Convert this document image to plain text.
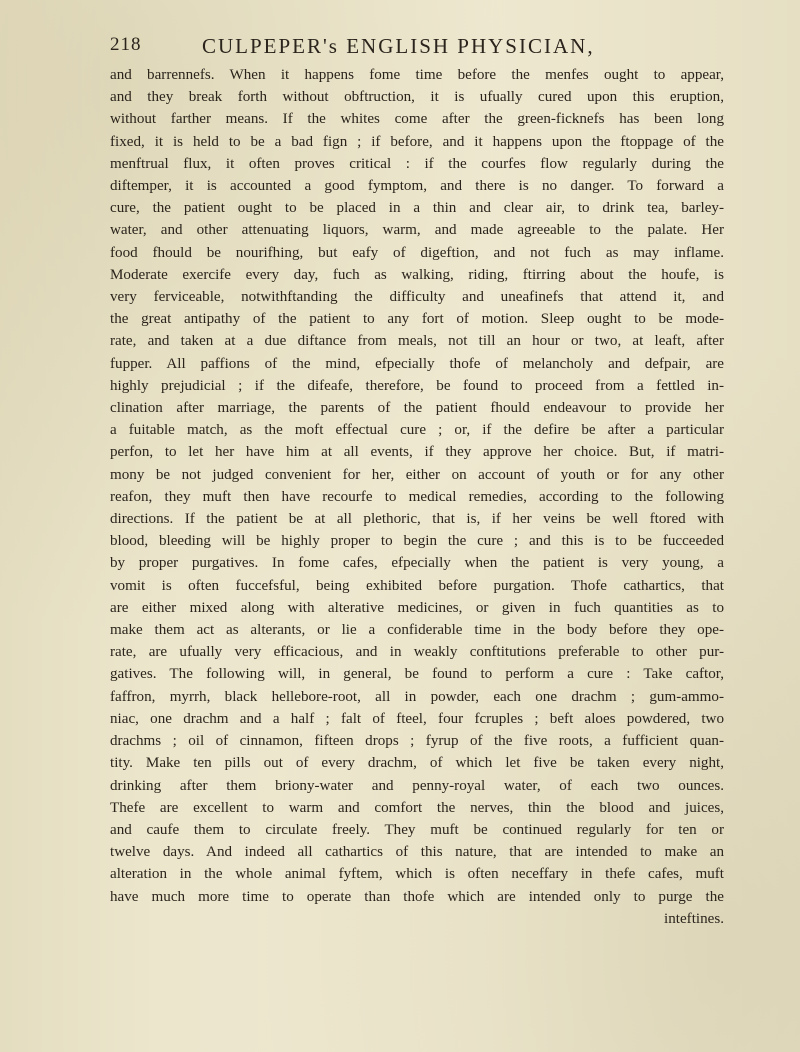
218	CULPEPER's ENGLISH PHYSICIAN,
and barrennefs. When it happens fome time before the menfes ought to appear,
and they break forth without obftruction, it is ufually cured upon this eruption,
without farther means. If the whites come after the green-ficknefs has been long
fixed, it is held to be a bad fign ; if before, and it happens upon the ftoppage of the
menftrual flux, it often proves critical : if the courfes flow regularly during the
diftemper, it is accounted a good fymptom, and there is no danger. To forward a
cure, the patient ought to be placed in a thin and clear air, to drink tea, barley-
water, and other attenuating liquors, warm, and made agreeable to the palate. Her
food fhould be nourifhing, but eafy of digeftion, and not fuch as may inflame.
Moderate exercife every day, fuch as walking, riding, ftirring about the houfe, is
very ferviceable, notwithftanding the difficulty and uneafinefs that attend it, and
the great antipathy of the patient to any fort of motion. Sleep ought to be mode-
rate, and taken at a due diftance from meals, not till an hour or two, at leaft, after
fupper. All paffions of the mind, efpecially thofe of melancholy and defpair, are
highly prejudicial ; if the difeafe, therefore, be found to proceed from a fettled in-
clination after marriage, the parents of the patient fhould endeavour to provide her
a fuitable match, as the moft effectual cure ; or, if the defire be after a particular
perfon, to let her have him at all events, if they approve her choice. But, if matri-
mony be not judged convenient for her, either on account of youth or for any other
reafon, they muft then have recourfe to medical remedies, according to the following
directions. If the patient be at all plethoric, that is, if her veins be well ftored with
blood, bleeding will be highly proper to begin the cure ; and this is to be fucceeded
by proper purgatives. In fome cafes, efpecially when the patient is very young, a
vomit is often fuccefsful, being exhibited before purgation. Thofe cathartics, that
are either mixed along with alterative medicines, or given in fuch quantities as to
make them act as alterants, or lie a confiderable time in the body before they ope-
rate, are ufually very efficacious, and in weakly conftitutions preferable to other pur-
gatives. The following will, in general, be found to perform a cure : Take caftor,
faffron, myrrh, black hellebore-root, all in powder, each one drachm ; gum-ammo-
niac, one drachm and a half ; falt of fteel, four fcruples ; beft aloes powdered, two
drachms ; oil of cinnamon, fifteen drops ; fyrup of the five roots, a fufficient quan-
tity. Make ten pills out of every drachm, of which let five be taken every night,
drinking after them briony-water and penny-royal water, of each two ounces.
Thefe are excellent to warm and comfort the nerves, thin the blood and juices,
and caufe them to circulate freely. They muft be continued regularly for ten or
twelve days. And indeed all cathartics of this nature, that are intended to make an
alteration in the whole animal fyftem, which is often neceffary in thefe cafes, muft
have much more time to operate than thofe which are intended only to purge the
inteftines.
